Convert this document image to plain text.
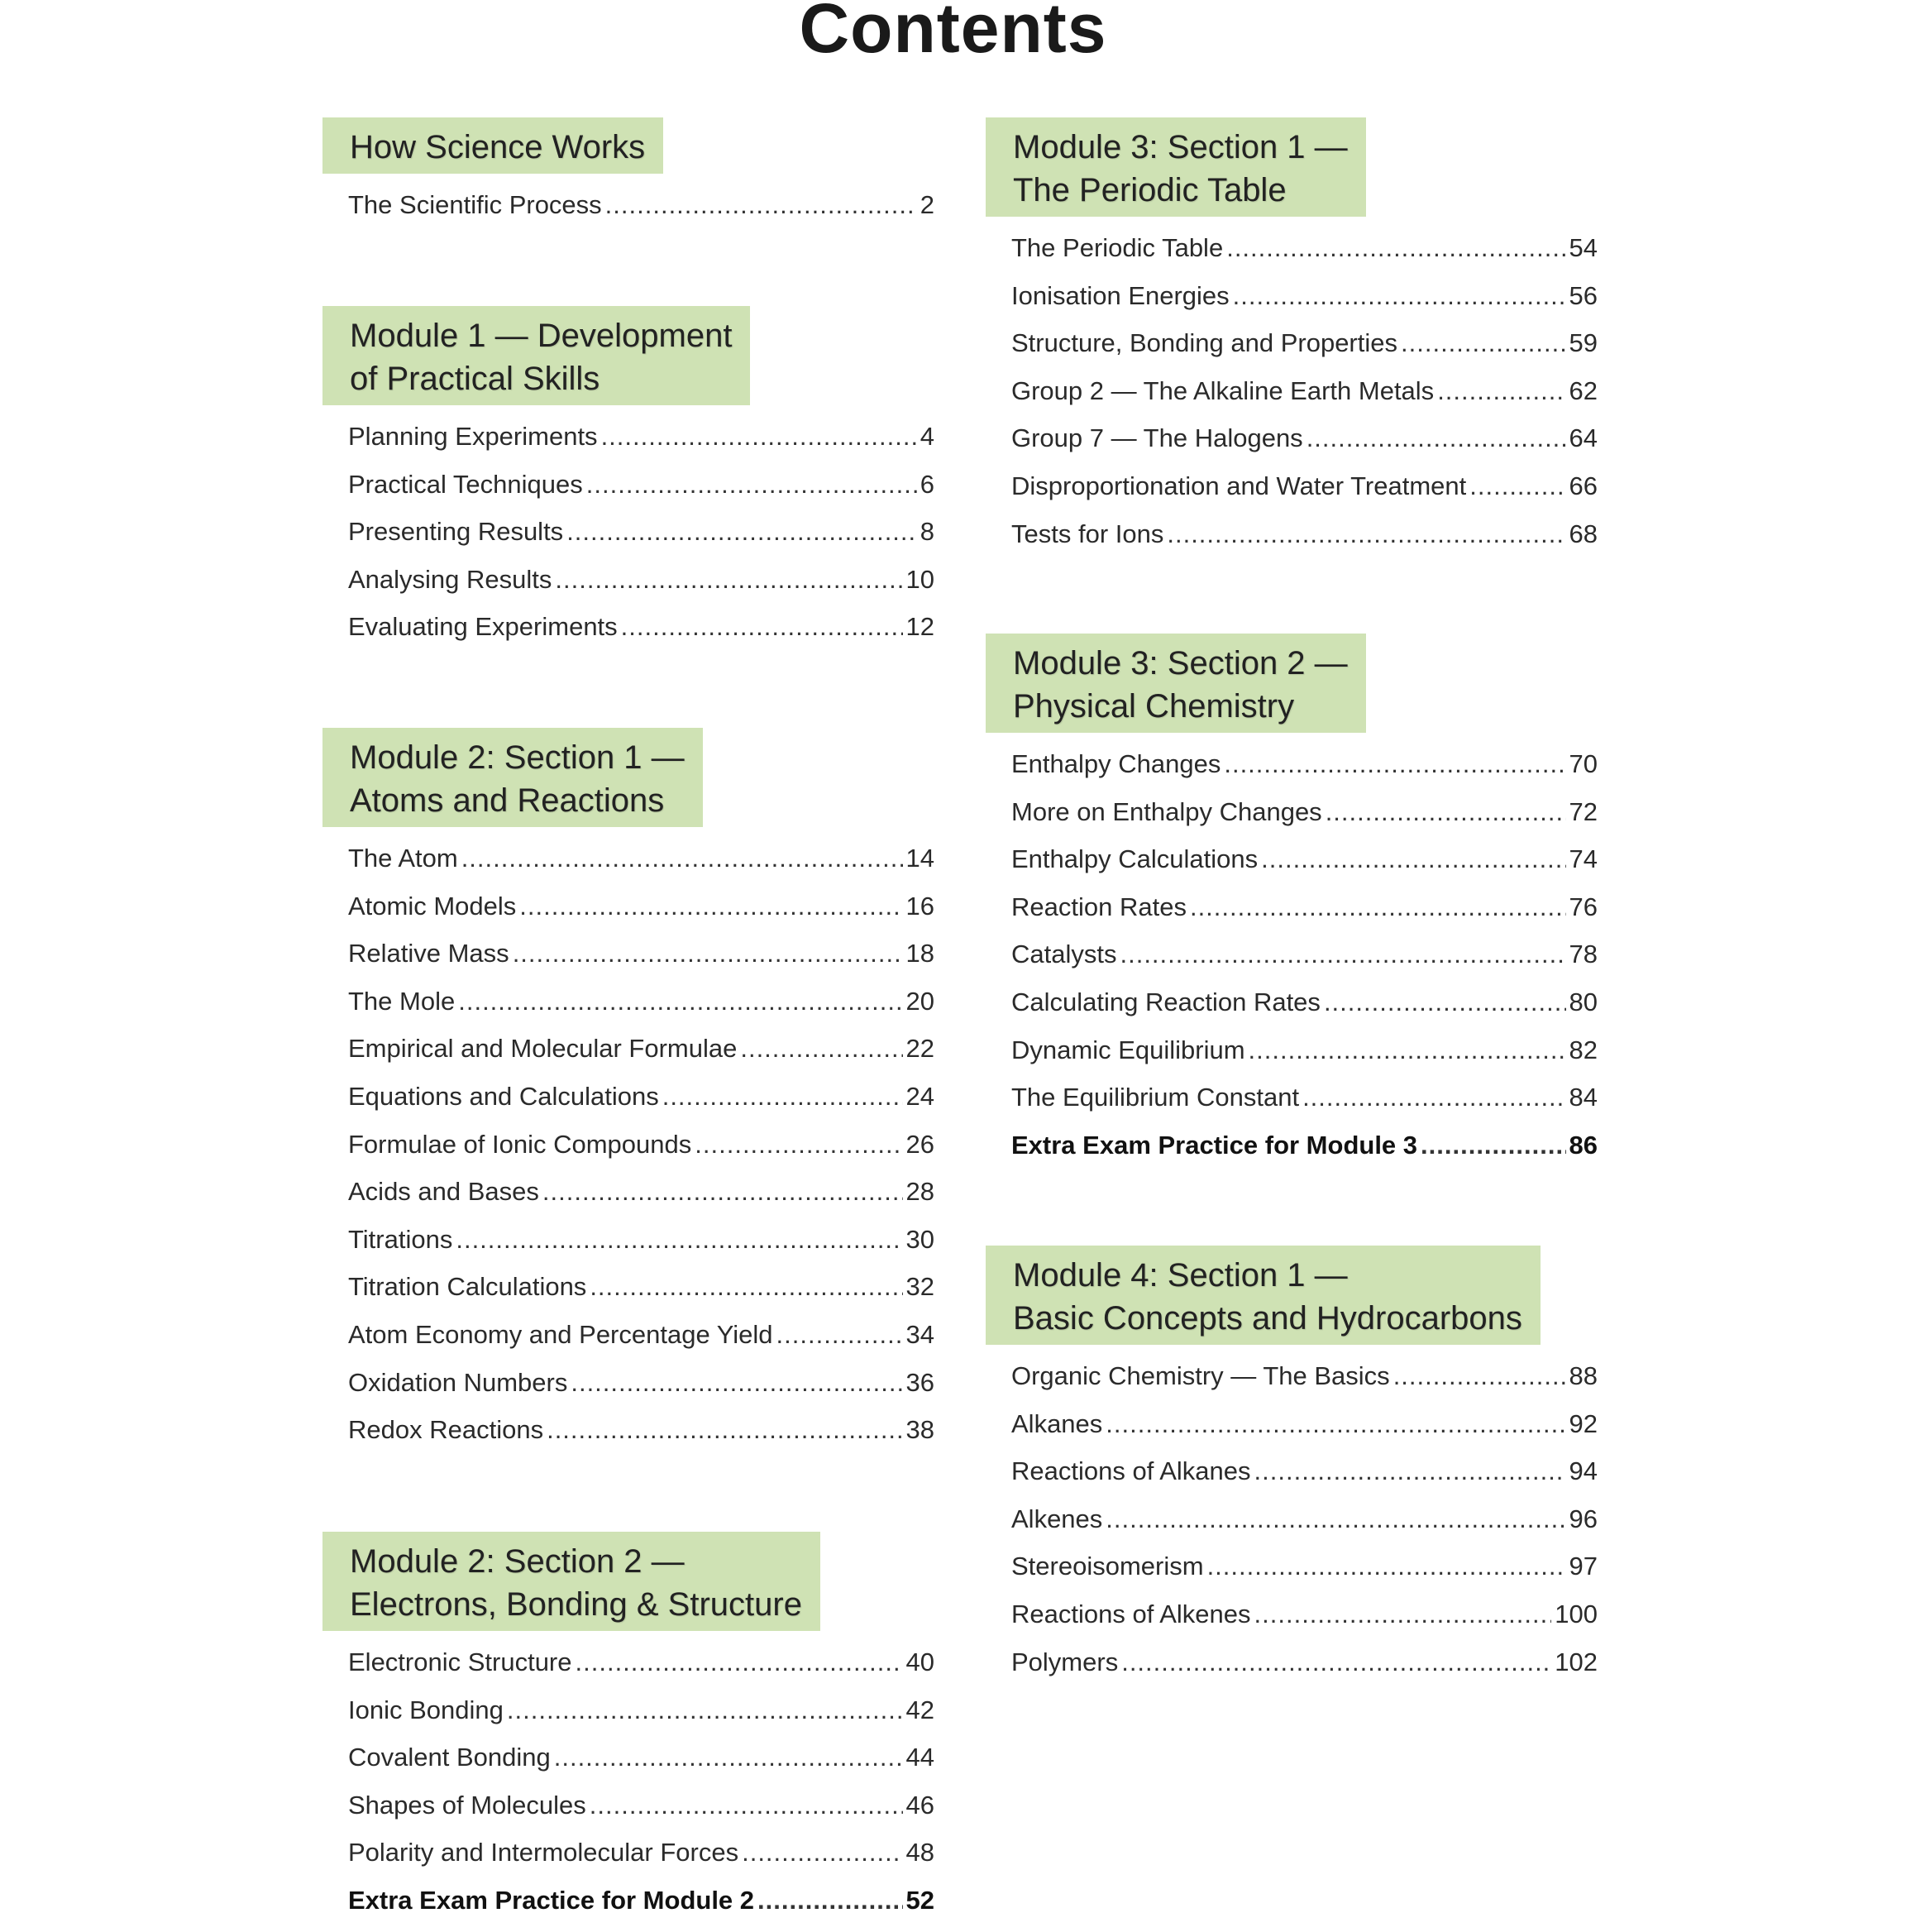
Contents
How Science Works
The Scientific Process .....	2
Module 1 — Development
of Practical Skills
Planning Experiments .....	4
Practical Techniques .....	6
Presenting Results .....	8
Analysing Results .....	10
Evaluating Experiments .....	12
Module 2: Section 1 —
Atoms and Reactions
The Atom .....	14
Atomic Models .....	16
Relative Mass .....	18
The Mole .....	20
Empirical and Molecular Formulae .....	22
Equations and Calculations .....	24
Formulae of Ionic Compounds .....	26
Acids and Bases .....	28
Titrations .....	30
Titration Calculations .....	32
Atom Economy and Percentage Yield .....	34
Oxidation Numbers .....	36
Redox Reactions .....	38
Module 2: Section 2 —
Electrons, Bonding & Structure
Electronic Structure .....	40
Ionic Bonding .....	42
Covalent Bonding .....	44
Shapes of Molecules .....	46
Polarity and Intermolecular Forces .....	48
Extra Exam Practice for Module 2 .....	52
Module 3: Section 1 —
The Periodic Table
The Periodic Table .....	54
Ionisation Energies .....	56
Structure, Bonding and Properties .....	59
Group 2 — The Alkaline Earth Metals .....	62
Group 7 — The Halogens .....	64
Disproportionation and Water Treatment .....	66
Tests for Ions .....	68
Module 3: Section 2 —
Physical Chemistry
Enthalpy Changes .....	70
More on Enthalpy Changes .....	72
Enthalpy Calculations .....	74
Reaction Rates .....	76
Catalysts .....	78
Calculating Reaction Rates .....	80
Dynamic Equilibrium .....	82
The Equilibrium Constant .....	84
Extra Exam Practice for Module 3 .....	86
Module 4: Section 1 —
Basic Concepts and Hydrocarbons
Organic Chemistry — The Basics .....	88
Alkanes .....	92
Reactions of Alkanes .....	94
Alkenes .....	96
Stereoisomerism .....	97
Reactions of Alkenes .....	100
Polymers .....	102
